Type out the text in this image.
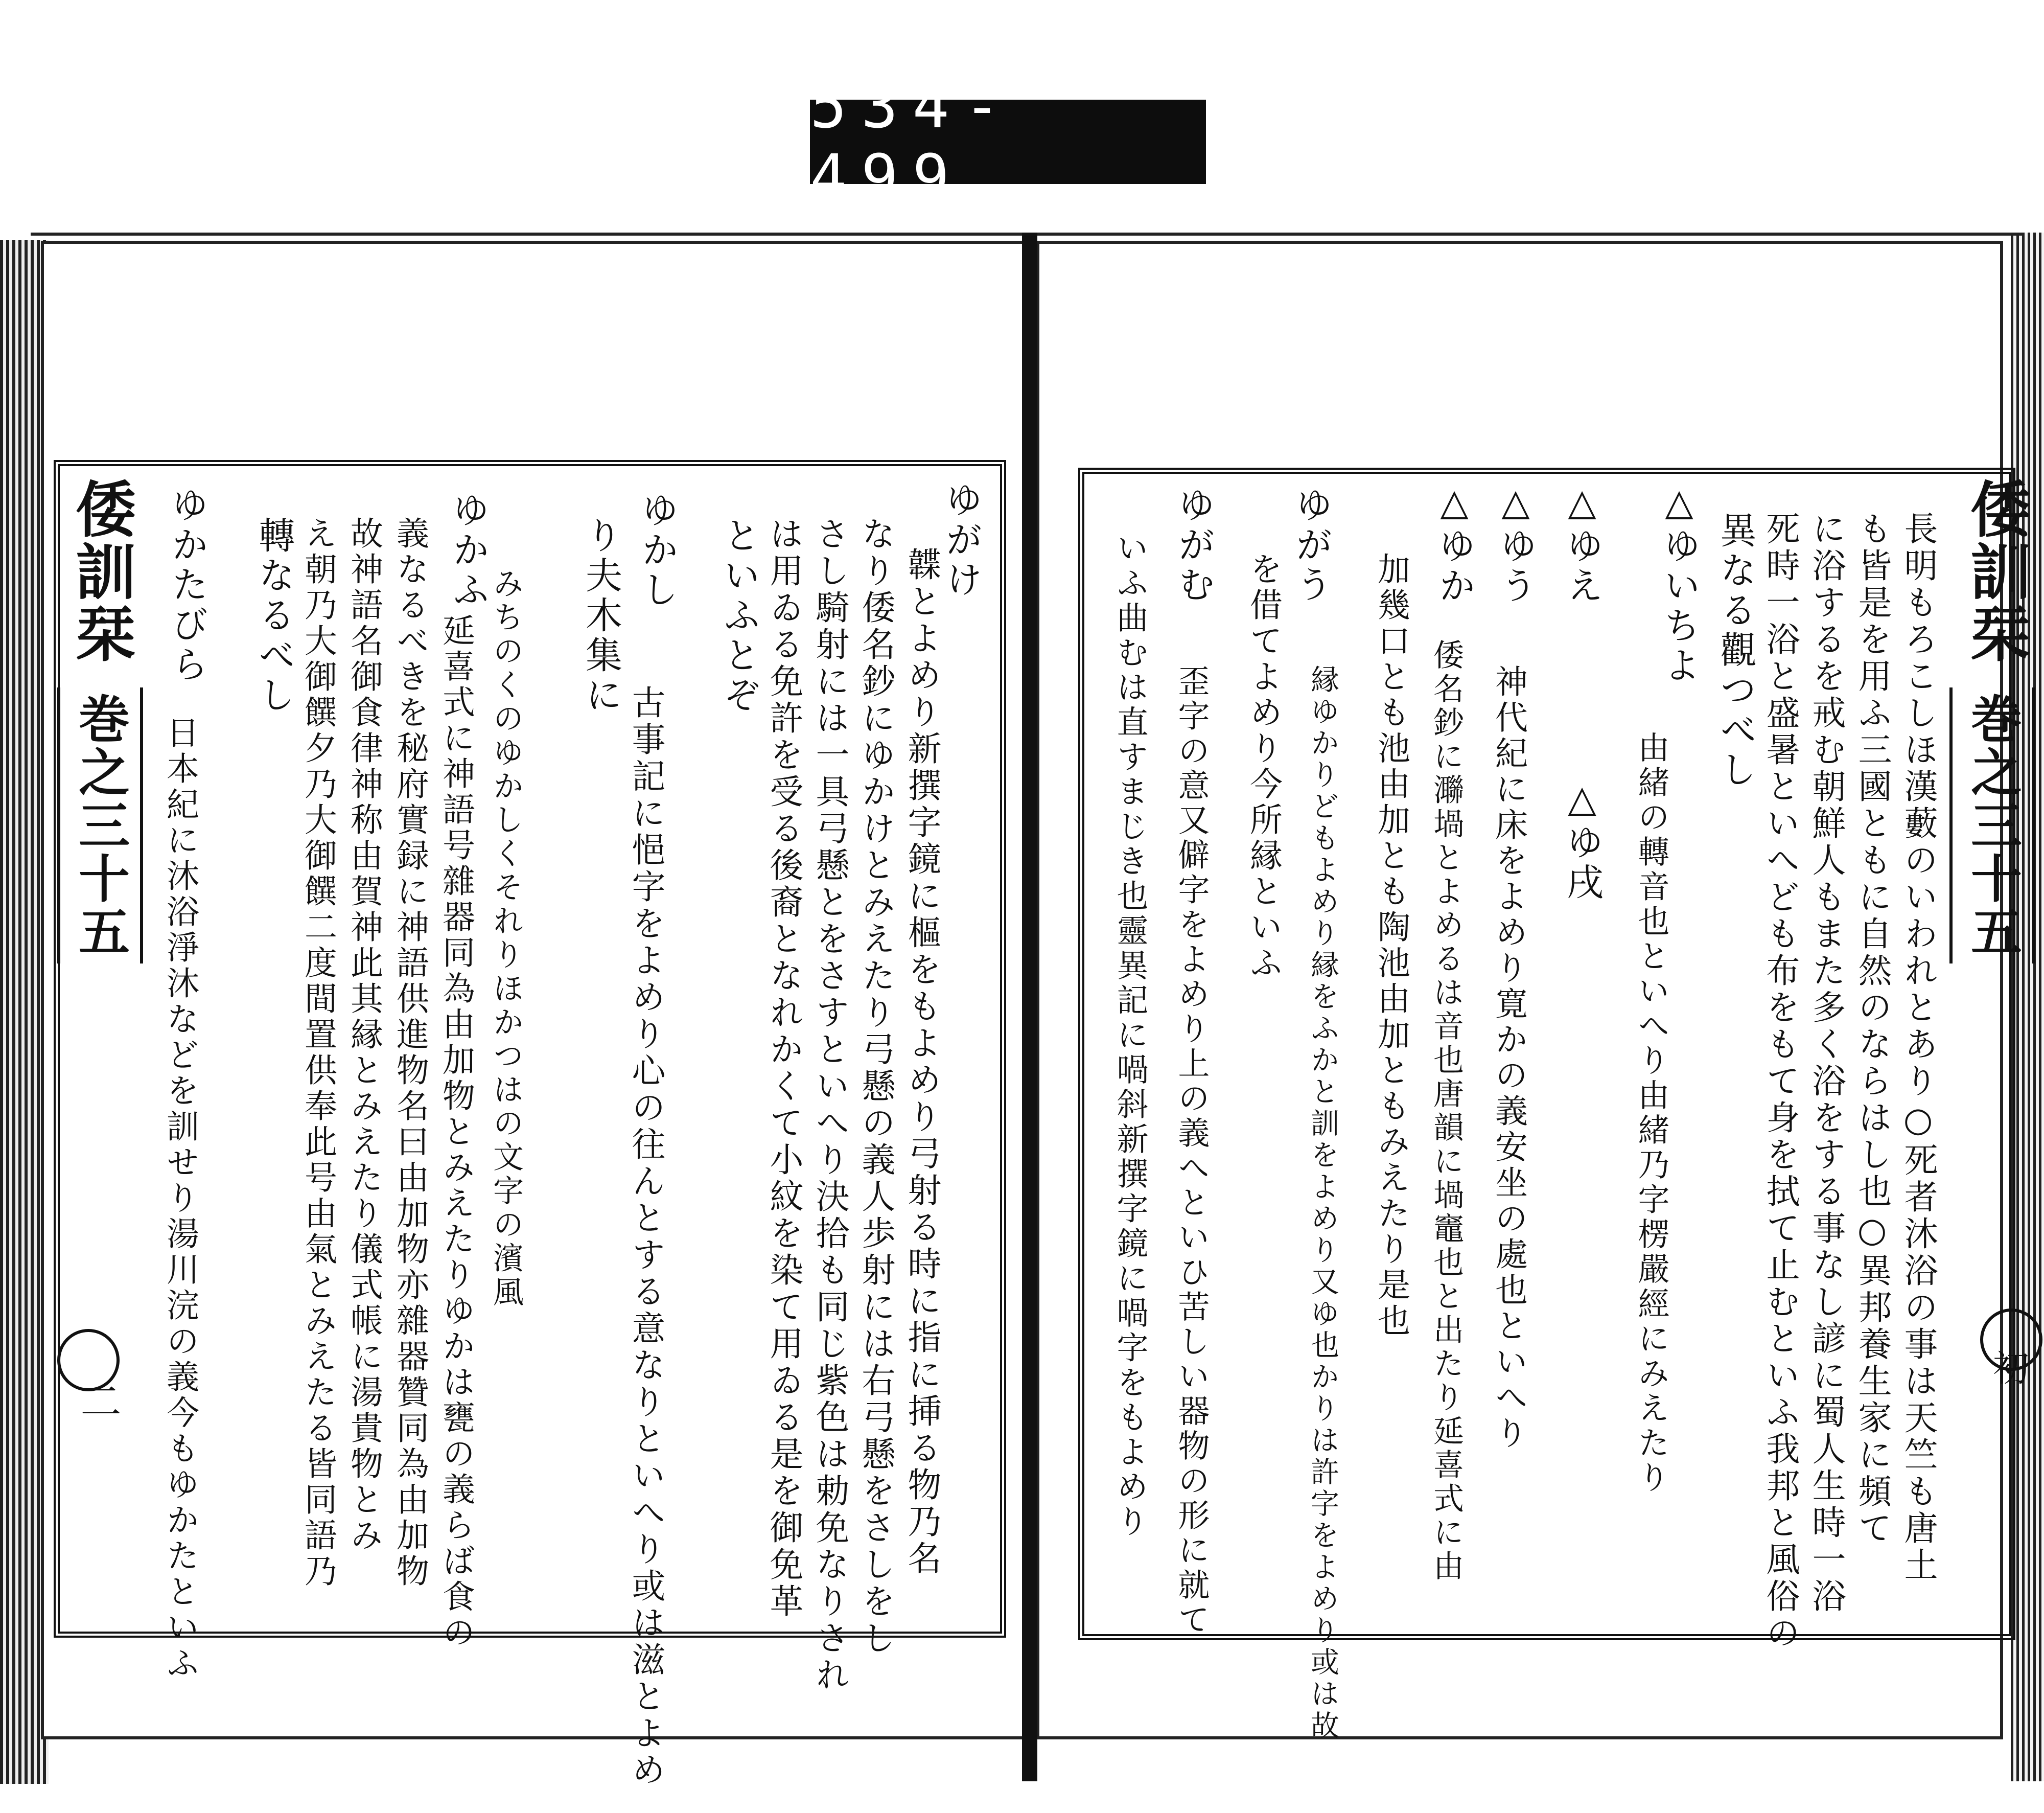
534- 499.
倭訓栞
巻之三十五
二
ゆがけ
韘とよめり新撰字鏡に樞をもよめり弓射る時に指に挿る物乃名
なり倭名鈔にゆかけとみえたり弓懸の義人歩射には右弓懸をさしをし
さし騎射には一具弓懸とをさすといへり決拾も同じ紫色は勅免なりされ
は用ゐる免許を受る後裔となれかくて小紋を染て用ゐる是を御免革
といふとぞ
ゆかし
古事記に悒字をよめり心の往んとする意なりといへり或は滋とよめ
り夫木集に
みちのくのゆかしくそれりほかつはの文字の濱風
ゆかふ
延喜式に神語号雜器同為由加物とみえたりゆかは甕の義らば食の
義なるべきを秘府實録に神語供進物名曰由加物亦雜器贊同為由加物
故神語名御食律神称由賀神此其縁とみえたり儀式帳に湯貴物とみ
え朝乃大御饌夕乃大御饌二度間置供奉此号由氣とみえたる皆同語乃
轉なるべし
ゆかたびら
日本紀に沐浴淨沐などを訓せり湯川浣の義今もゆかたといふ
倭訓栞
巻之三十五
初
長明もろこしほ漢藪のいわれとあり○死者沐浴の事は天竺も唐土
も皆是を用ふ三國ともに自然のならはし也○異邦養生家に頻て
に浴するを戒む朝鮮人もまた多く浴をする事なし諺に蜀人生時一浴
死時一浴と盛暑といへども布をもて身を拭て止むといふ我邦と風俗の
異なる觀つべし
△ゆいちよ
由緒の轉音也といへり由緒乃字楞嚴經にみえたり
△ゆえ
△ゆう
△ゆ戌
△ゆか
神代紀に床をよめり寛かの義安坐の處也といへり
倭名鈔に㶌堝とよめるは音也唐韻に堝竈也と出たり延喜式に由
ゆがう
加幾口とも池由加とも陶池由加ともみえたり是也
縁ゆかりどもよめり縁をふかと訓をよめり又ゆ也かりは許字をよめり或は故
を借てよめり今所縁といふ
ゆがむ
歪字の意又僻字をよめり上の義へといひ苦しい器物の形に就て
いふ曲むは直すまじき也靈異記に喎斜新撰字鏡に喎字をもよめり
